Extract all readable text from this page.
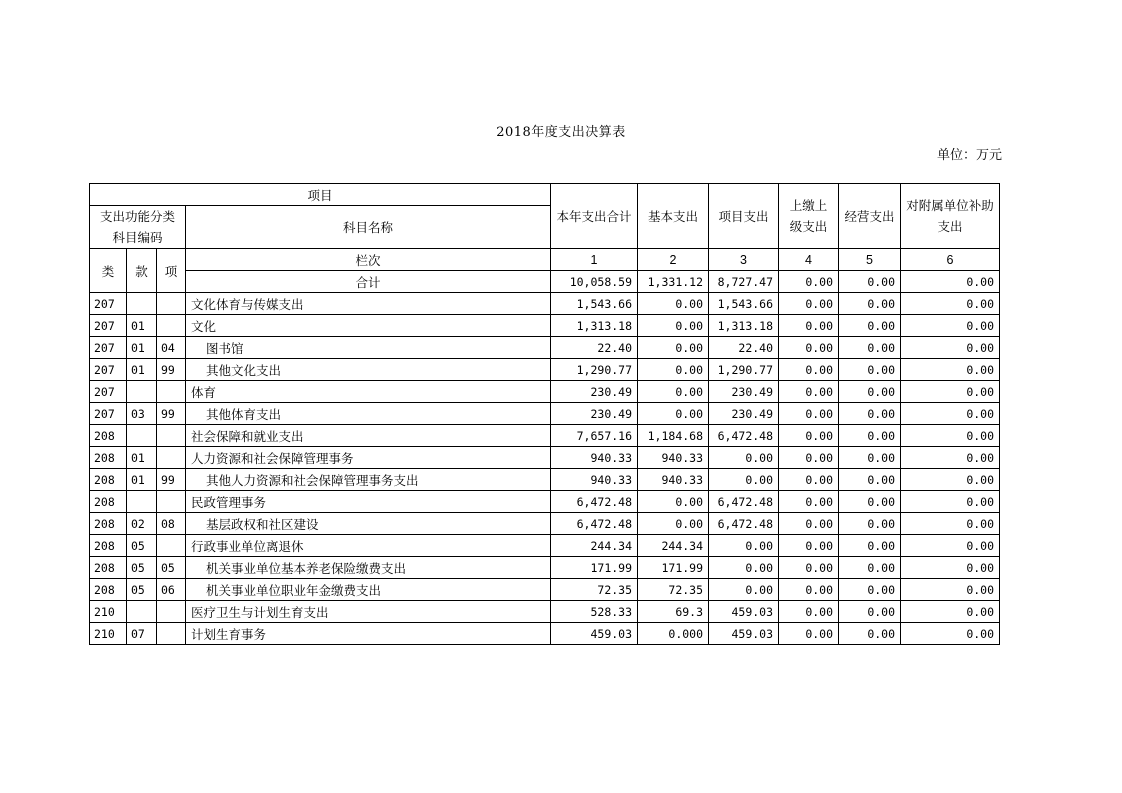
2018年度支出决算表
单位：万元
项目				本年支出合计	基本支出	项目支出	上缴上级支出	经营支出	对附属单位补助支出
支出功能分类科目编码			科目名称						

类	款	项	栏次	1	2	3	4	5	6
			合计	10,058.59	1,331.12	8,727.47	0.00	0.00	0.00
207			文化体育与传媒支出	1,543.66	0.00	1,543.66	0.00	0.00	0.00
207	01		文化	1,313.18	0.00	1,313.18	0.00	0.00	0.00
207	01	04	图书馆	22.40	0.00	22.40	0.00	0.00	0.00
207	01	99	其他文化支出	1,290.77	0.00	1,290.77	0.00	0.00	0.00
207			体育	230.49	0.00	230.49	0.00	0.00	0.00
207	03	99	其他体育支出	230.49	0.00	230.49	0.00	0.00	0.00
208			社会保障和就业支出	7,657.16	1,184.68	6,472.48	0.00	0.00	0.00
208	01		人力资源和社会保障管理事务	940.33	940.33	0.00	0.00	0.00	0.00
208	01	99	其他人力资源和社会保障管理事务支出	940.33	940.33	0.00	0.00	0.00	0.00
208			民政管理事务	6,472.48	0.00	6,472.48	0.00	0.00	0.00
208	02	08	基层政权和社区建设	6,472.48	0.00	6,472.48	0.00	0.00	0.00
208	05		行政事业单位离退休	244.34	244.34	0.00	0.00	0.00	0.00
208	05	05	机关事业单位基本养老保险缴费支出	171.99	171.99	0.00	0.00	0.00	0.00
208	05	06	机关事业单位职业年金缴费支出	72.35	72.35	0.00	0.00	0.00	0.00
210			医疗卫生与计划生育支出	528.33	69.3	459.03	0.00	0.00	0.00
210	07		计划生育事务	459.03	0.000	459.03	0.00	0.00	0.00
